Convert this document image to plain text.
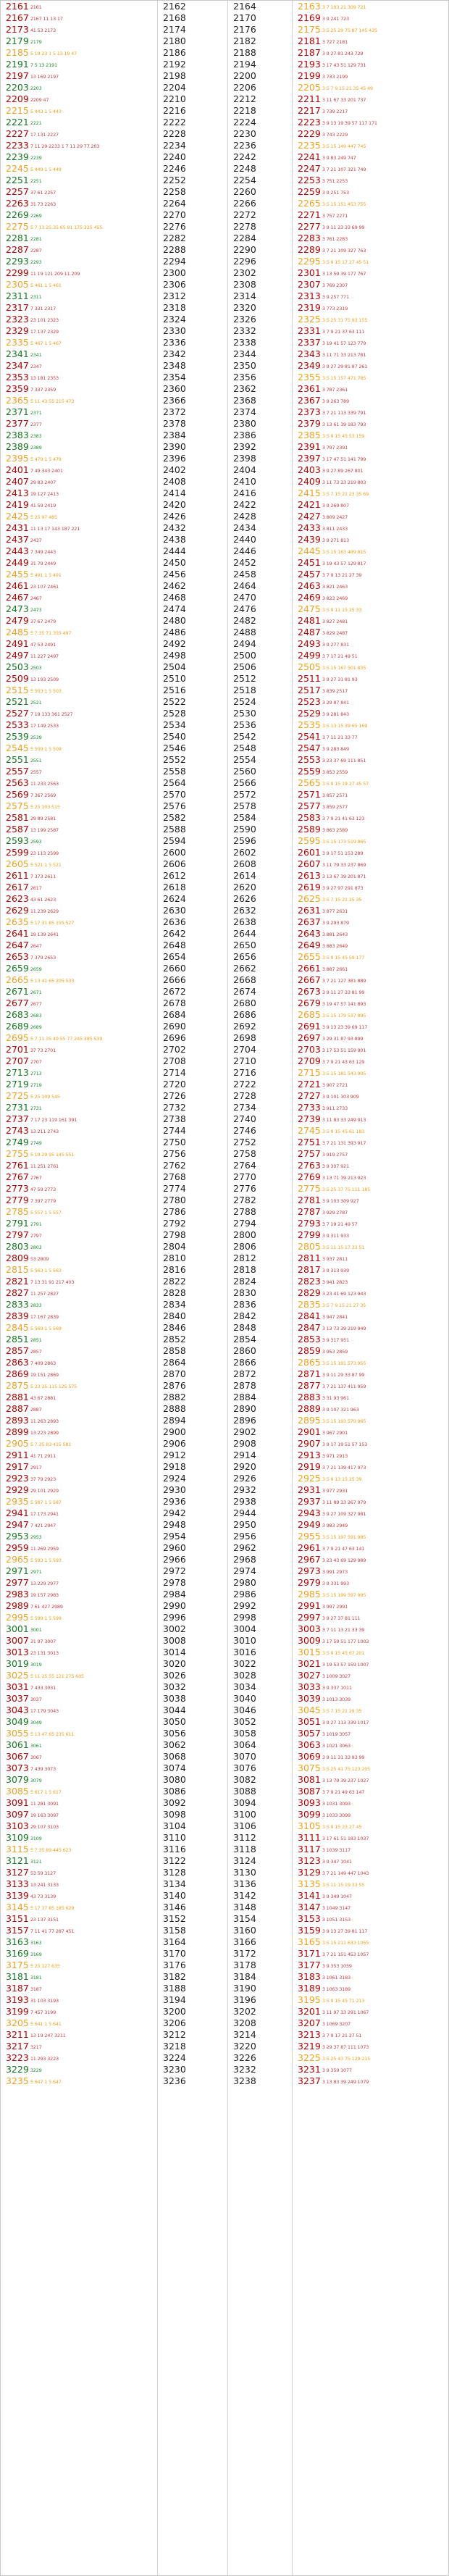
2161 2161
2167 2167 11 13 17
2173 41 53 2173
2179 2179
2185 5 19 23 1 5 13 19 47
2191 7 5 13 2191
2197 13 169 2197
2203 2203
2209 2209 47
2215 5 443 1 5 443
2221 2221
2227 17 131 2227
2233 7 11 29 2233 1 7 11 29 77 203
2239 2239
2245 5 449 1 5 449
2251 2251
2257 37 61 2257
2263 31 73 2263
2269 2269
2275 5 7 13 25 35 65 91 175 325 455
2281 2281
2287 2287
2293 2293
2299 11 19 121 209 11 209
2305 5 461 1 5 461
2311 2311
2317 7 331 2317
2323 23 101 2323
2329 17 137 2329
2335 5 467 1 5 467
2341 2341
2347 2347
2353 13 181 2353
2359 7 337 2359
2365 5 11 43 55 215 473
2371 2371
2377 2377
2383 2383
2389 2389
2395 5 479 1 5 479
2401 7 49 343 2401
2407 29 83 2407
2413 19 127 2413
2419 41 59 2419
2425 5 25 97 485
2431 11 13 17 143 187 221
2437 2437
2443 7 349 2443
2449 31 79 2449
2455 5 491 1 5 491
2461 23 107 2461
2467 2467
2473 2473
2479 37 67 2479
2485 5 7 35 71 355 497
2491 47 53 2491
2497 11 227 2497
2503 2503
2509 13 193 2509
2515 5 503 1 5 503
2521 2521
2527 7 19 133 361 2527
2533 17 149 2533
2539 2539
2545 5 509 1 5 509
2551 2551
2557 2557
2563 11 233 2563
2569 7 367 2569
2575 5 25 103 515
2581 29 89 2581
2587 13 199 2587
2593 2593
2599 23 113 2599
2605 5 521 1 5 521
2611 7 373 2611
2617 2617
2623 43 61 2623
2629 11 239 2629
2635 5 17 31 85 155 527
2641 19 139 2641
2647 2647
2653 7 379 2653
2659 2659
2665 5 13 41 65 205 533
2671 2671
2677 2677
2683 2683
2689 2689
2695 5 7 11 35 49 55 77 245 385 539
2701 37 73 2701
2707 2707
2713 2713
2719 2719
2725 5 25 109 545
2731 2731
2737 7 17 23 119 161 391
2743 13 211 2743
2749 2749
2755 5 19 29 95 145 551
2761 11 251 2761
2767 2767
2773 47 59 2773
2779 7 397 2779
2785 5 557 1 5 557
2791 2791
2797 2797
2803 2803
2809 53 2809
2815 5 563 1 5 563
2821 7 13 31 91 217 403
2827 11 257 2827
2833 2833
2839 17 167 2839
2845 5 569 1 5 569
2851 2851
2857 2857
2863 7 409 2863
2869 19 151 2869
2875 5 23 25 115 125 575
2881 43 67 2881
2887 2887
2893 11 263 2893
2899 13 223 2899
2905 5 7 35 83 415 581
2911 41 71 2911
2917 2917
2923 37 79 2923
2929 29 101 2929
2935 5 587 1 5 587
2941 17 173 2941
2947 7 421 2947
2953 2953
2959 11 269 2959
2965 5 593 1 5 593
2971 2971
2977 13 229 2977
2983 19 157 2983
2989 7 61 427 2989
2995 5 599 1 5 599
3001 3001
3007 31 97 3007
3013 23 131 3013
3019 3019
3025 5 11 25 55 121 275 605
3031 7 433 3031
3037 3037
3043 17 179 3043
3049 3049
3055 5 13 47 65 235 611
3061 3061
3067 3067
3073 7 439 3073
3079 3079
3085 5 617 1 5 617
3091 11 281 3091
3097 19 163 3097
3103 29 107 3103
3109 3109
3115 5 7 35 89 445 623
3121 3121
3127 53 59 3127
3133 13 241 3133
3139 43 73 3139
3145 5 17 37 85 185 629
3151 23 137 3151
3157 7 11 41 77 287 451
3163 3163
3169 3169
3175 5 25 127 635
3181 3181
3187 3187
3193 31 103 3193
3199 7 457 3199
3205 5 641 1 5 641
3211 13 19 247 3211
3217 3217
3223 11 293 3223
3229 3229
3235 5 647 1 5 647
2162
2168
2174
2180
2186
2192
2198
2204
2210
2216
2222
2228
2234
2240
2246
2252
2258
2264
2270
2276
2282
2288
2294
2300
2306
2312
2318
2324
2330
2336
2342
2348
2354
2360
2366
2372
2378
2384
2390
2396
2402
2408
2414
2420
2426
2432
2438
2444
2450
2456
2462
2468
2474
2480
2486
2492
2498
2504
2510
2516
2522
2528
2534
2540
2546
2552
2558
2564
2570
2576
2582
2588
2594
2600
2606
2612
2618
2624
2630
2636
2642
2648
2654
2660
2666
2672
2678
2684
2690
2696
2702
2708
2714
2720
2726
2732
2738
2744
2750
2756
2762
2768
2774
2780
2786
2792
2798
2804
2810
2816
2822
2828
2834
2840
2846
2852
2858
2864
2870
2876
2882
2888
2894
2900
2906
2912
2918
2924
2930
2936
2942
2948
2954
2960
2966
2972
2978
2984
2990
2996
3002
3008
3014
3020
3026
3032
3038
3044
3050
3056
3062
3068
3074
3080
3086
3092
3098
3104
3110
3116
3122
3128
3134
3140
3146
3152
3158
3164
3170
3176
3182
3188
3194
3200
3206
3212
3218
3224
3230
3236
2164
2170
2176
2182
2188
2194
2200
2206
2212
2218
2224
2230
2236
2242
2248
2254
2260
2266
2272
2278
2284
2290
2296
2302
2308
2314
2320
2326
2332
2338
2344
2350
2356
2362
2368
2374
2380
2386
2392
2398
2404
2410
2416
2422
2428
2434
2440
2446
2452
2458
2464
2470
2476
2482
2488
2494
2500
2506
2512
2518
2524
2530
2536
2542
2548
2554
2560
2566
2572
2578
2584
2590
2596
2602
2608
2614
2620
2626
2632
2638
2644
2650
2656
2662
2668
2674
2680
2686
2692
2698
2704
2710
2716
2722
2728
2734
2740
2746
2752
2758
2764
2770
2776
2782
2788
2794
2800
2806
2812
2818
2824
2830
2836
2842
2848
2854
2860
2866
2872
2878
2884
2890
2896
2902
2908
2914
2920
2926
2932
2938
2944
2950
2956
2962
2968
2974
2980
2986
2992
2998
3004
3010
3016
3022
3028
3034
3040
3046
3052
3058
3064
3070
3076
3082
3088
3094
3100
3106
3112
3118
3124
3130
3136
3142
3148
3154
3160
3166
3172
3178
3184
3190
3196
3202
3208
3214
3220
3226
3232
3238
2163 3 7 103 21 309 721
2169 3 9 241 723
2175 3 5 25 29 75 87 145 435
2181 3 727 2181
2187 3 9 27 81 243 729
2193 3 17 43 51 129 731
2199 3 733 2199
2205 3 5 7 9 15 21 35 45 49
2211 3 11 67 33 201 737
2217 3 739 2217
2223 3 9 13 19 39 57 117 171
2229 3 743 2229
2235 3 5 15 149 447 745
2241 3 9 83 249 747
2247 3 7 21 107 321 749
2253 3 751 2253
2259 3 9 251 753
2265 3 5 15 151 453 755
2271 3 757 2271
2277 3 9 11 23 33 69 99
2283 3 761 2283
2289 3 7 21 109 327 763
2295 3 5 9 15 17 27 45 51
2301 3 13 59 39 177 767
2307 3 769 2307
2313 3 9 257 771
2319 3 773 2319
2325 3 5 25 31 75 93 155
2331 3 7 9 21 37 63 111
2337 3 19 41 57 123 779
2343 3 11 71 33 213 781
2349 3 9 27 29 81 87 261
2355 3 5 15 157 471 785
2361 3 787 2361
2367 3 9 263 789
2373 3 7 21 113 339 791
2379 3 13 61 39 183 793
2385 3 5 9 15 45 53 159
2391 3 797 2391
2397 3 17 47 51 141 799
2403 3 9 27 89 267 801
2409 3 11 73 33 219 803
2415 3 5 7 15 21 23 35 69
2421 3 9 269 807
2427 3 809 2427
2433 3 811 2433
2439 3 9 271 813
2445 3 5 15 163 489 815
2451 3 19 43 57 129 817
2457 3 7 9 13 21 27 39
2463 3 821 2463
2469 3 823 2469
2475 3 5 9 11 15 25 33
2481 3 827 2481
2487 3 829 2487
2493 3 9 277 831
2499 3 7 17 21 49 51
2505 3 5 15 167 501 835
2511 3 9 27 31 81 93
2517 3 839 2517
2523 3 29 87 841
2529 3 9 281 843
2535 3 5 13 15 39 65 169
2541 3 7 11 21 33 77
2547 3 9 283 849
2553 3 23 37 69 111 851
2559 3 853 2559
2565 3 5 9 15 19 27 45 57
2571 3 857 2571
2577 3 859 2577
2583 3 7 9 21 41 63 123
2589 3 863 2589
2595 3 5 15 173 519 865
2601 3 9 17 51 153 289
2607 3 11 79 33 237 869
2613 3 13 67 39 201 871
2619 3 9 27 97 291 873
2625 3 5 7 15 21 25 35
2631 3 877 2631
2637 3 9 293 879
2643 3 881 2643
2649 3 883 2649
2655 3 5 9 15 45 59 177
2661 3 887 2661
2667 3 7 21 127 381 889
2673 3 9 11 27 33 81 99
2679 3 19 47 57 141 893
2685 3 5 15 179 537 895
2691 3 9 13 23 39 69 117
2697 3 29 31 87 93 899
2703 3 17 53 51 159 901
2709 3 7 9 21 43 63 129
2715 3 5 15 181 543 905
2721 3 907 2721
2727 3 9 101 303 909
2733 3 911 2733
2739 3 11 83 33 249 913
2745 3 5 9 15 45 61 183
2751 3 7 21 131 393 917
2757 3 919 2757
2763 3 9 307 921
2769 3 13 71 39 213 923
2775 3 5 25 37 75 111 185
2781 3 9 103 309 927
2787 3 929 2787
2793 3 7 19 21 49 57
2799 3 9 311 933
2805 3 5 11 15 17 33 51
2811 3 937 2811
2817 3 9 313 939
2823 3 941 2823
2829 3 23 41 69 123 943
2835 3 5 7 9 15 21 27 35
2841 3 947 2841
2847 3 13 73 39 219 949
2853 3 9 317 951
2859 3 953 2859
2865 3 5 15 191 573 955
2871 3 9 11 29 33 87 99
2877 3 7 21 137 411 959
2883 3 31 93 961
2889 3 9 107 321 963
2895 3 5 15 193 579 965
2901 3 967 2901
2907 3 9 17 19 51 57 153
2913 3 971 2913
2919 3 7 21 139 417 973
2925 3 5 9 13 15 25 39
2931 3 977 2931
2937 3 11 89 33 267 979
2943 3 9 27 109 327 981
2949 3 983 2949
2955 3 5 15 197 591 985
2961 3 7 9 21 47 63 141
2967 3 23 43 69 129 989
2973 3 991 2973
2979 3 9 331 993
2985 3 5 15 199 597 995
2991 3 997 2991
2997 3 9 27 37 81 111
3003 3 7 11 13 21 33 39
3009 3 17 59 51 177 1003
3015 3 5 9 15 45 67 201
3021 3 19 53 57 159 1007
3027 3 1009 3027
3033 3 9 337 1011
3039 3 1013 3039
3045 3 5 7 15 21 29 35
3051 3 9 27 113 339 1017
3057 3 1019 3057
3063 3 1021 3063
3069 3 9 11 31 33 93 99
3075 3 5 25 41 75 123 205
3081 3 13 79 39 237 1027
3087 3 7 9 21 49 63 147
3093 3 1031 3093
3099 3 1033 3099
3105 3 5 9 15 23 27 45
3111 3 17 61 51 183 1037
3117 3 1039 3117
3123 3 9 347 1041
3129 3 7 21 149 447 1043
3135 3 5 11 15 19 33 55
3141 3 9 349 1047
3147 3 1049 3147
3153 3 1051 3153
3159 3 9 13 27 39 81 117
3165 3 5 15 211 633 1055
3171 3 7 21 151 453 1057
3177 3 9 353 1059
3183 3 1061 3183
3189 3 1063 3189
3195 3 5 9 15 45 71 213
3201 3 11 97 33 291 1067
3207 3 1069 3207
3213 3 7 9 17 21 27 51
3219 3 29 37 87 111 1073
3225 3 5 25 43 75 129 215
3231 3 9 359 1077
3237 3 13 83 39 249 1079
